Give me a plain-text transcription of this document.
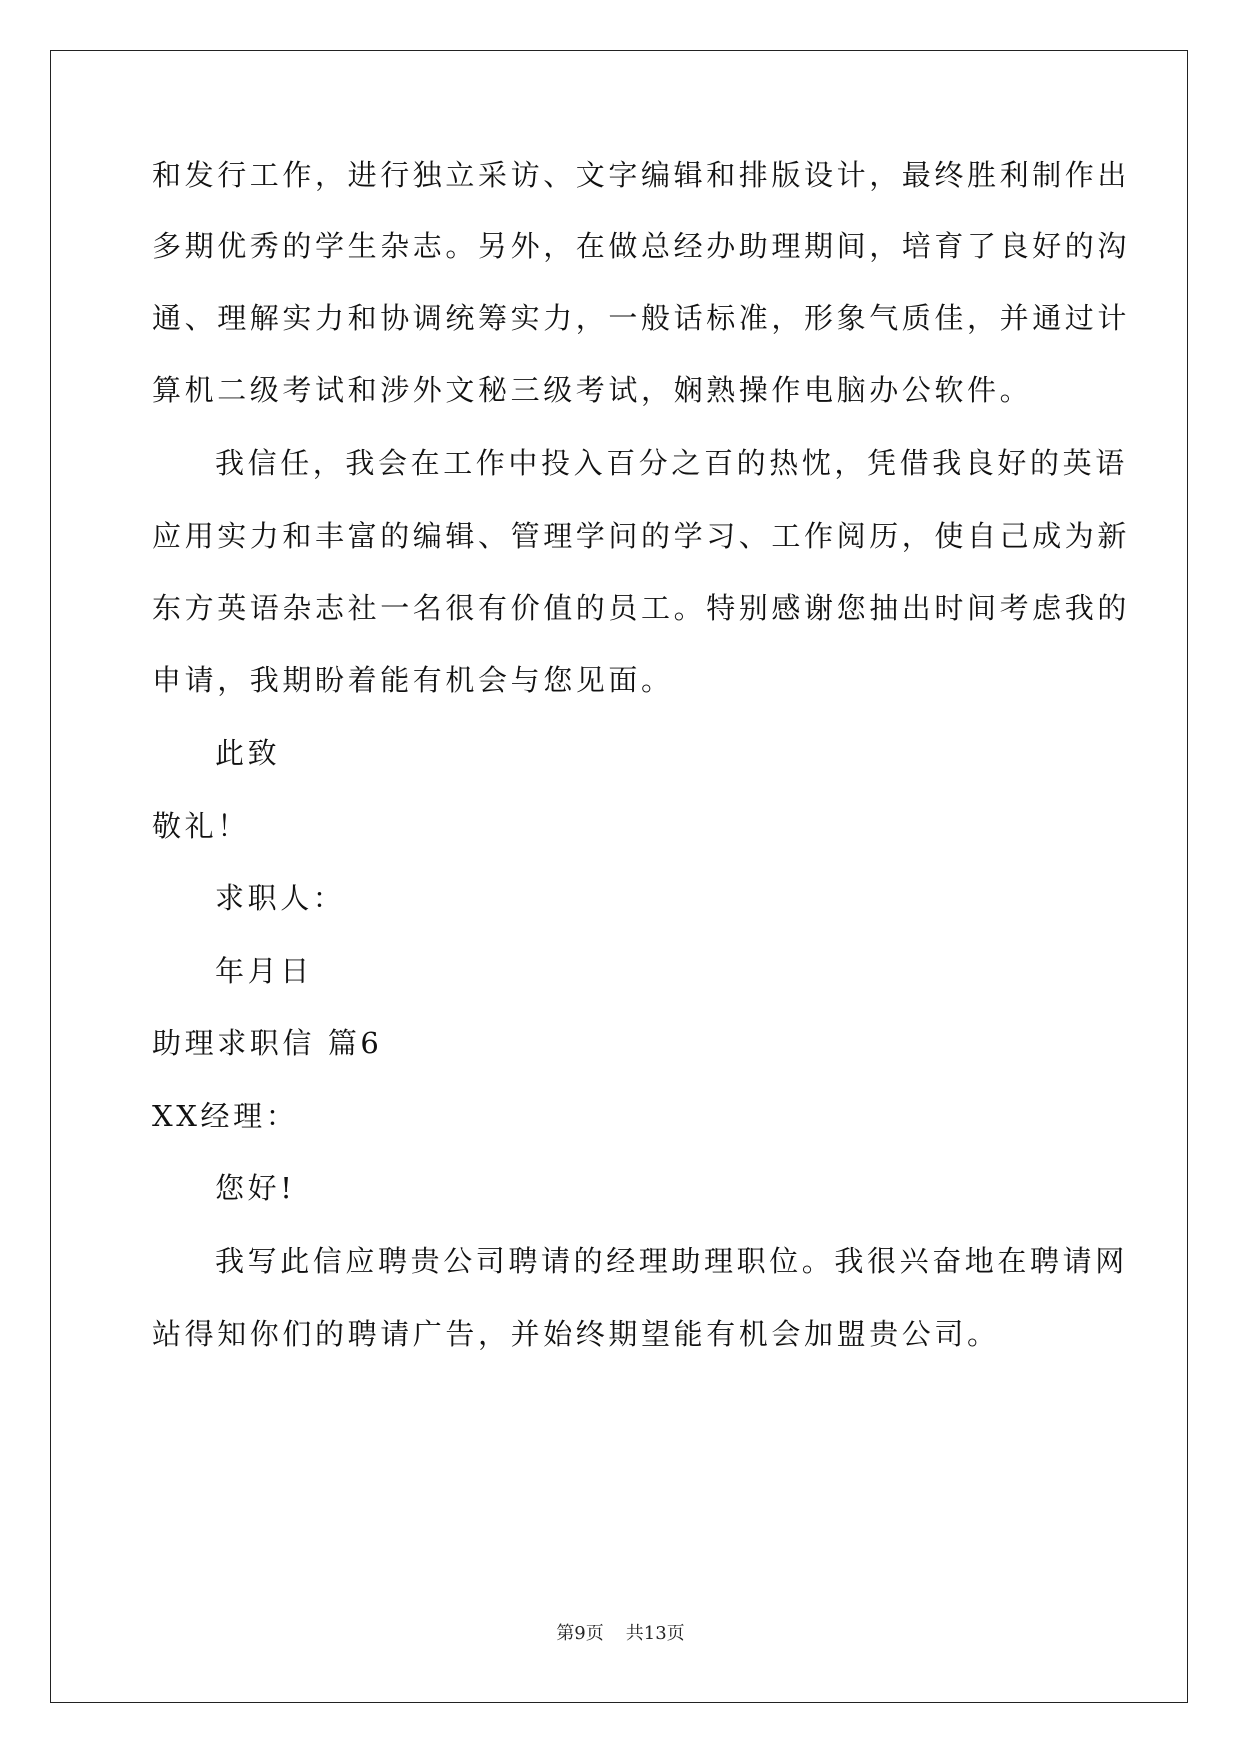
和发行工作，进行独立采访、文字编辑和排版设计，最终胜利制作出
多期优秀的学生杂志。另外，在做总经办助理期间，培育了良好的沟
通、理解实力和协调统筹实力，一般话标准，形象气质佳，并通过计
算机二级考试和涉外文秘三级考试，娴熟操作电脑办公软件。
我信任，我会在工作中投入百分之百的热忱，凭借我良好的英语
应用实力和丰富的编辑、管理学问的学习、工作阅历，使自己成为新
东方英语杂志社一名很有价值的员工。特别感谢您抽出时间考虑我的
申请，我期盼着能有机会与您见面。
此致
敬礼！
求职人：
年月日
助理求职信 篇6
XX经理：
您好!
我写此信应聘贵公司聘请的经理助理职位。我很兴奋地在聘请网
站得知你们的聘请广告，并始终期望能有机会加盟贵公司。
第9页 共13页
